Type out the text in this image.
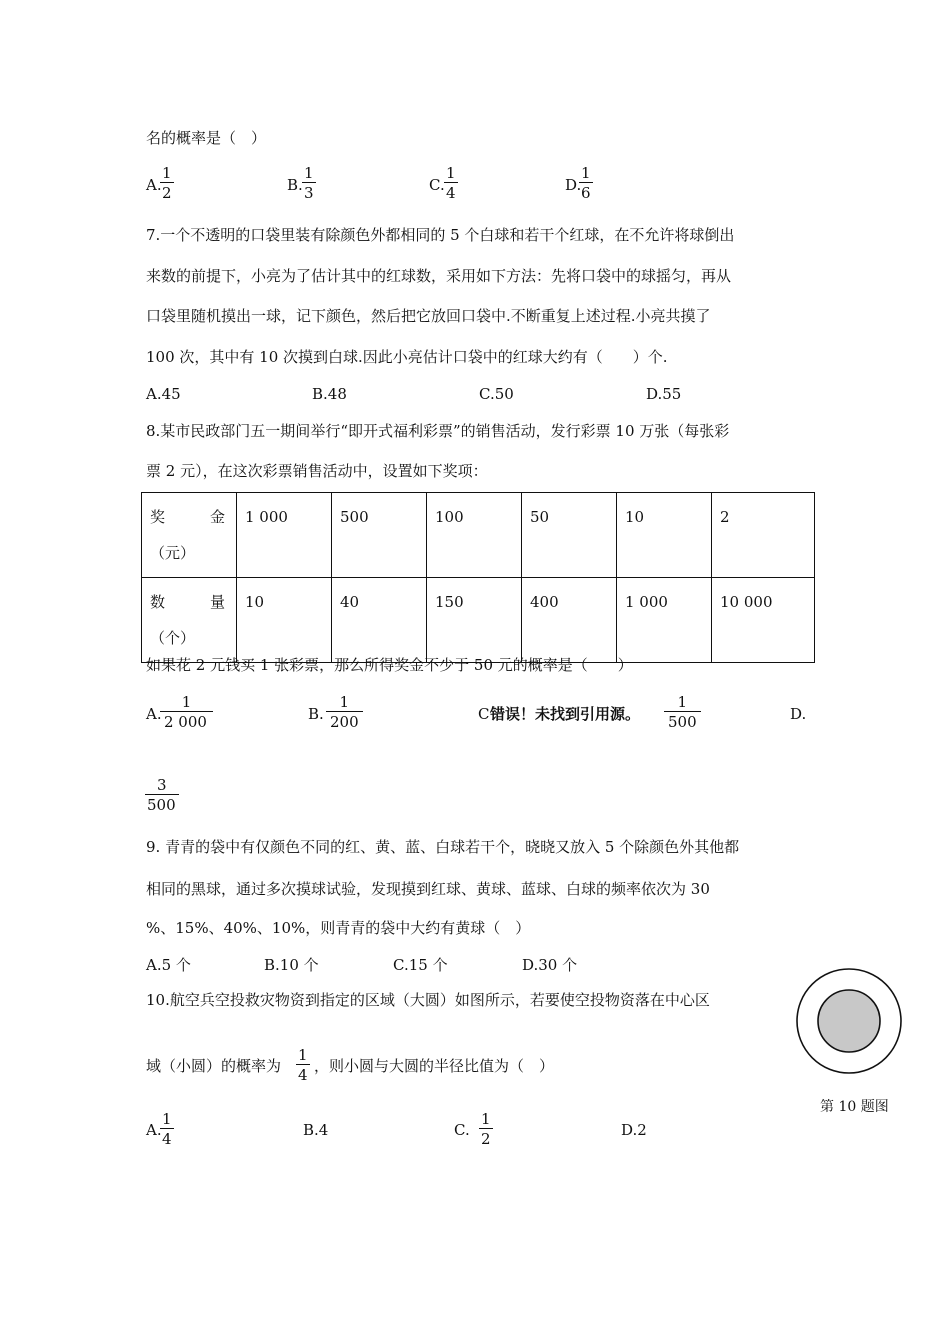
名的概率是（　）
A.
$\frac{1}{2}$	B. $\frac{1}{3}$	C. $\frac{1}{4}$	D.
$\frac{1}{6}$
7.一个不透明的口袋里装有除颜色外都相同的 5 个白球和若干个红球，在不允许将球倒出
来数的前提下，小亮为了估计其中的红球数，采用如下方法：先将口袋中的球摇匀，再从
口袋里随机摸出一球，记下颜色，然后把它放回口袋中.不断重复上述过程.小亮共摸了
100 次，其中有 10 次摸到白球.因此小亮估计口袋中的红球大约有（　　）个.
A.45	B.48	C.50	D.55
8.某市民政部门五一期间举行“即开式福利彩票”的销售活动，发行彩票 10 万张（每张彩
票 2 元），在这次彩票销售活动中，设置如下奖项：
奖　　　金
（元）	1 000	500	100	50	10	2

数　　　量
（个）	10	40	150	400	1 000	10 000
如果花 2 元钱买 1 张彩票，那么所得奖金不少于 50 元的概率是（　　）
A.
$\frac{1}{2 000}$	B. $\frac{1}{200}$	C 错误！未找到引用源。 $\frac{1}{500}$	D.
$\frac{3}{500}$
9. 青青的袋中有仅颜色不同的红、黄、蓝、白球若干个，晓晓又放入 5 个除颜色外其他都
相同的黑球，通过多次摸球试验，发现摸到红球、黄球、蓝球、白球的频率依次为 30
%、15%、40%、10%，则青青的袋中大约有黄球（　）
A.5 个	B.10 个	C.15 个	D.30 个
10.航空兵空投救灾物资到指定的区域（大圆）如图所示，若要使空投物资落在中心区
域（小圆）的概率为 $\frac{1}{4}$ ，则小圆与大圆的半径比值为（　）
第 10 题图
A.
$\frac{1}{4}$	B.4	C. $\frac{1}{2}$	D.2
